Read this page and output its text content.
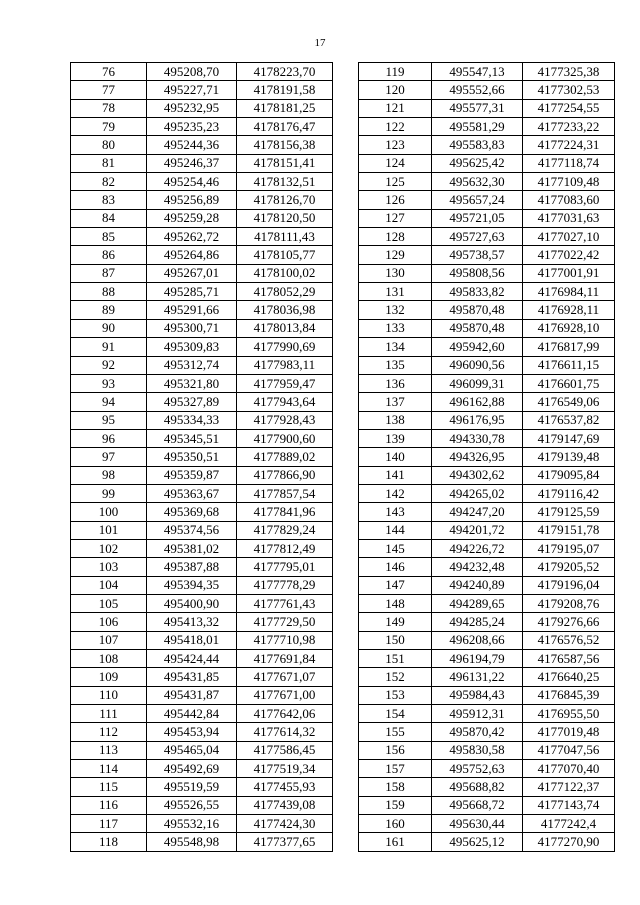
17
76	495208,70	4178223,70
77	495227,71	4178191,58
78	495232,95	4178181,25
79	495235,23	4178176,47
80	495244,36	4178156,38
81	495246,37	4178151,41
82	495254,46	4178132,51
83	495256,89	4178126,70
84	495259,28	4178120,50
85	495262,72	4178111,43
86	495264,86	4178105,77
87	495267,01	4178100,02
88	495285,71	4178052,29
89	495291,66	4178036,98
90	495300,71	4178013,84
91	495309,83	4177990,69
92	495312,74	4177983,11
93	495321,80	4177959,47
94	495327,89	4177943,64
95	495334,33	4177928,43
96	495345,51	4177900,60
97	495350,51	4177889,02
98	495359,87	4177866,90
99	495363,67	4177857,54
100	495369,68	4177841,96
101	495374,56	4177829,24
102	495381,02	4177812,49
103	495387,88	4177795,01
104	495394,35	4177778,29
105	495400,90	4177761,43
106	495413,32	4177729,50
107	495418,01	4177710,98
108	495424,44	4177691,84
109	495431,85	4177671,07
110	495431,87	4177671,00
111	495442,84	4177642,06
112	495453,94	4177614,32
113	495465,04	4177586,45
114	495492,69	4177519,34
115	495519,59	4177455,93
116	495526,55	4177439,08
117	495532,16	4177424,30
118	495548,98	4177377,65
119	495547,13	4177325,38
120	495552,66	4177302,53
121	495577,31	4177254,55
122	495581,29	4177233,22
123	495583,83	4177224,31
124	495625,42	4177118,74
125	495632,30	4177109,48
126	495657,24	4177083,60
127	495721,05	4177031,63
128	495727,63	4177027,10
129	495738,57	4177022,42
130	495808,56	4177001,91
131	495833,82	4176984,11
132	495870,48	4176928,11
133	495870,48	4176928,10
134	495942,60	4176817,99
135	496090,56	4176611,15
136	496099,31	4176601,75
137	496162,88	4176549,06
138	496176,95	4176537,82
139	494330,78	4179147,69
140	494326,95	4179139,48
141	494302,62	4179095,84
142	494265,02	4179116,42
143	494247,20	4179125,59
144	494201,72	4179151,78
145	494226,72	4179195,07
146	494232,48	4179205,52
147	494240,89	4179196,04
148	494289,65	4179208,76
149	494285,24	4179276,66
150	496208,66	4176576,52
151	496194,79	4176587,56
152	496131,22	4176640,25
153	495984,43	4176845,39
154	495912,31	4176955,50
155	495870,42	4177019,48
156	495830,58	4177047,56
157	495752,63	4177070,40
158	495688,82	4177122,37
159	495668,72	4177143,74
160	495630,44	4177242,4
161	495625,12	4177270,90
